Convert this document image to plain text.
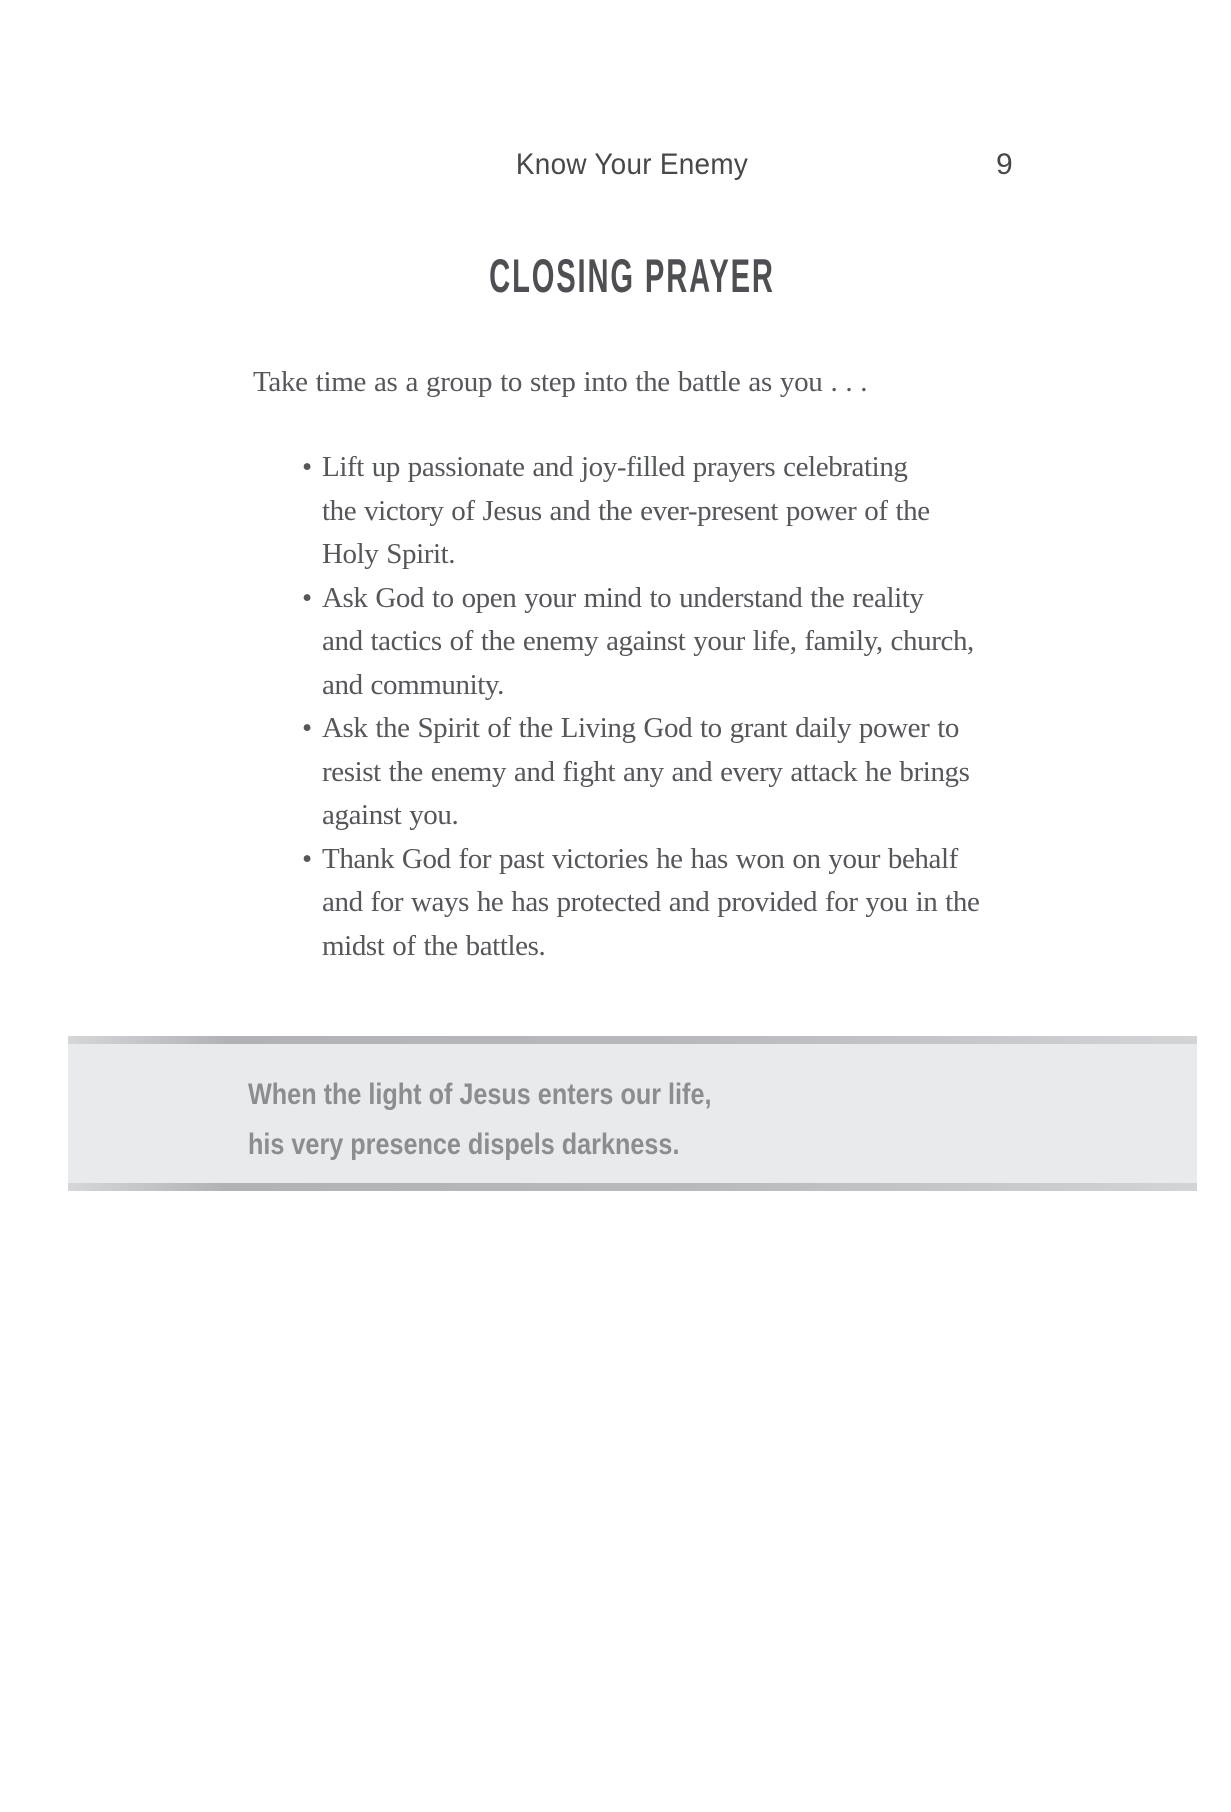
Know Your Enemy	9
CLOSING PRAYER
Take time as a group to step into the battle as you . . .
• Lift up passionate and joy-filled prayers celebrating
the victory of Jesus and the ever-present power of the
Holy Spirit.
• Ask God to open your mind to understand the reality
and tactics of the enemy against your life, family, church,
and community.
• Ask the Spirit of the Living God to grant daily power to
resist the enemy and fight any and every attack he brings
against you.
• Thank God for past victories he has won on your behalf
and for ways he has protected and provided for you in the
midst of the battles.
When the light of Jesus enters our life,
his very presence dispels darkness.
